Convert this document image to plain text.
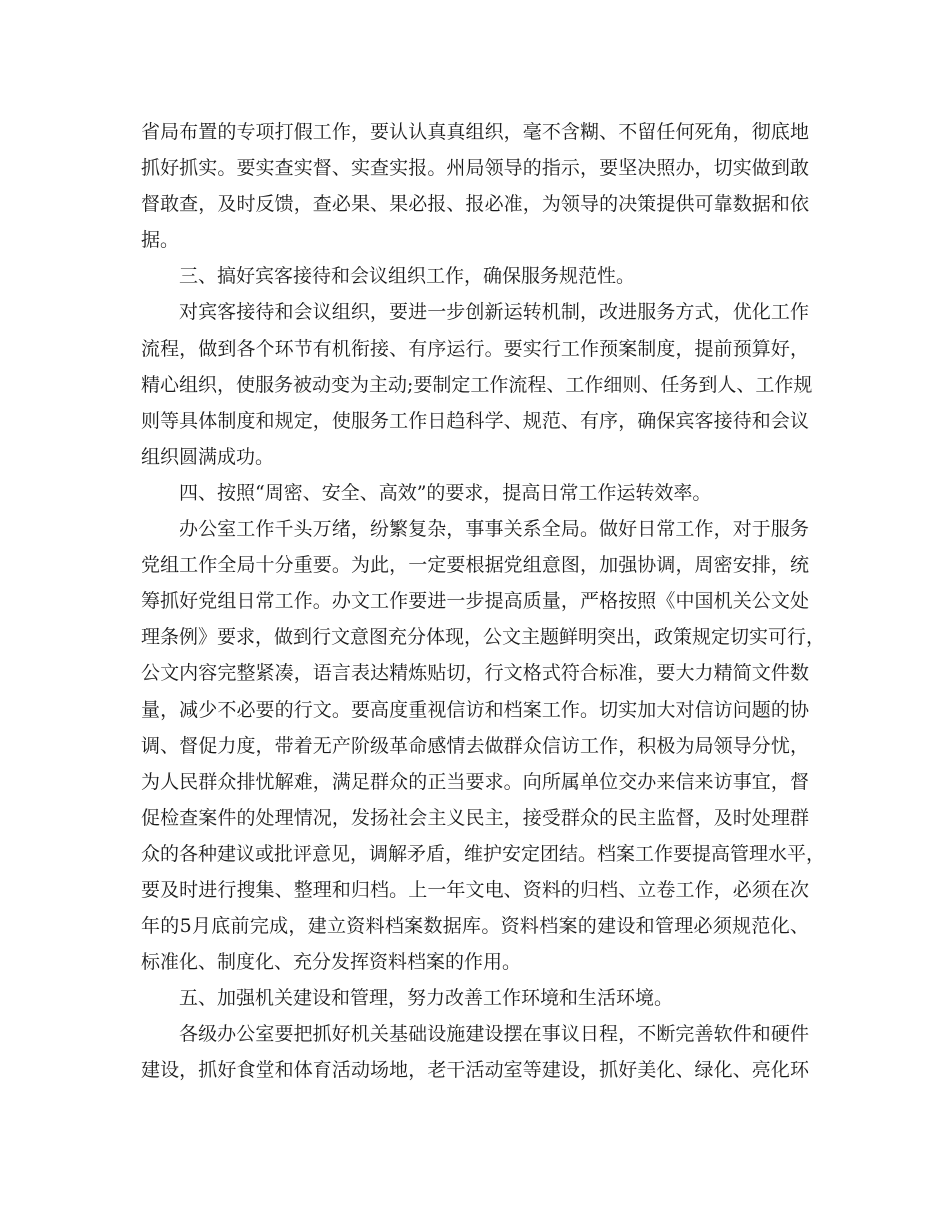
省局布置的专项打假工作，要认认真真组织，毫不含糊、不留任何死角，彻底地
抓好抓实。要实查实督、实查实报。州局领导的指示，要坚决照办，切实做到敢
督敢查，及时反馈，查必果、果必报、报必准，为领导的决策提供可靠数据和依
据。
三、搞好宾客接待和会议组织工作，确保服务规范性。
对宾客接待和会议组织，要进一步创新运转机制，改进服务方式，优化工作
流程，做到各个环节有机衔接、有序运行。要实行工作预案制度，提前预算好，
精心组织，使服务被动变为主动;要制定工作流程、工作细则、任务到人、工作规
则等具体制度和规定，使服务工作日趋科学、规范、有序，确保宾客接待和会议
组织圆满成功。
四、按照“周密、安全、高效”的要求，提高日常工作运转效率。
办公室工作千头万绪，纷繁复杂，事事关系全局。做好日常工作，对于服务
党组工作全局十分重要。为此，一定要根据党组意图，加强协调，周密安排，统
筹抓好党组日常工作。办文工作要进一步提高质量，严格按照《中国机关公文处
理条例》要求，做到行文意图充分体现，公文主题鲜明突出，政策规定切实可行，
公文内容完整紧凑，语言表达精炼贴切，行文格式符合标准，要大力精简文件数
量，减少不必要的行文。要高度重视信访和档案工作。切实加大对信访问题的协
调、督促力度，带着无产阶级革命感情去做群众信访工作，积极为局领导分忧，
为人民群众排忧解难，满足群众的正当要求。向所属单位交办来信来访事宜，督
促检查案件的处理情况，发扬社会主义民主，接受群众的民主监督，及时处理群
众的各种建议或批评意见，调解矛盾，维护安定团结。档案工作要提高管理水平，
要及时进行搜集、整理和归档。上一年文电、资料的归档、立卷工作，必须在次
年的5月底前完成，建立资料档案数据库。资料档案的建设和管理必须规范化、
标准化、制度化、充分发挥资料档案的作用。
五、加强机关建设和管理，努力改善工作环境和生活环境。
各级办公室要把抓好机关基础设施建设摆在事议日程，不断完善软件和硬件
建设，抓好食堂和体育活动场地，老干活动室等建设，抓好美化、绿化、亮化环
